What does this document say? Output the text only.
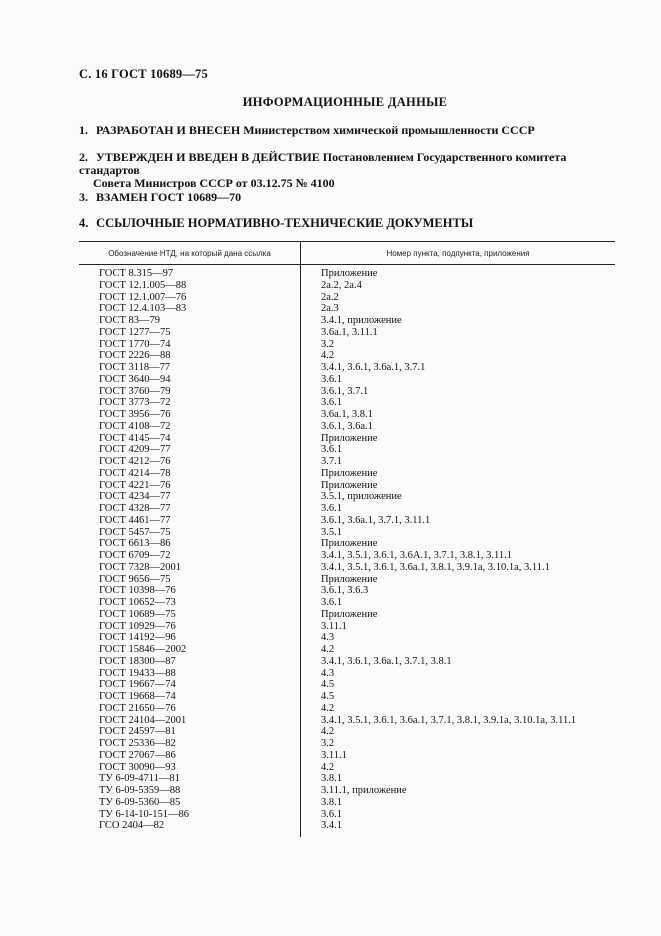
С. 16 ГОСТ 10689—75
ИНФОРМАЦИОННЫЕ ДАННЫЕ
1. РАЗРАБОТАН И ВНЕСЕН Министерством химической промышленности СССР
2. УТВЕРЖДЕН И ВВЕДЕН В ДЕЙСТВИЕ Постановлением Государственного комитета стандартов
Совета Министров СССР от 03.12.75 № 4100
3. ВЗАМЕН ГОСТ 10689—70
4. ССЫЛОЧНЫЕ НОРМАТИВНО-ТЕХНИЧЕСКИЕ ДОКУМЕНТЫ
Обозначение НТД, на который дана ссылка	Номер пункта, подпункта, приложения
ГОСТ 8.315—97	Приложение
ГОСТ 12.1.005—88	2а.2, 2а.4
ГОСТ 12.1.007—76	2а.2
ГОСТ 12.4.103—83	2а.3
ГОСТ 83—79	3.4.1, приложение
ГОСТ 1277—75	3.6а.1, 3.11.1
ГОСТ 1770—74	3.2
ГОСТ 2226—88	4.2
ГОСТ 3118—77	3.4.1, 3.6.1, 3.6а.1, 3.7.1
ГОСТ 3640—94	3.6.1
ГОСТ 3760—79	3.6.1, 3.7.1
ГОСТ 3773—72	3.6.1
ГОСТ 3956—76	3.6а.1, 3.8.1
ГОСТ 4108—72	3.6.1, 3.6а.1
ГОСТ 4145—74	Приложение
ГОСТ 4209—77	3.6.1
ГОСТ 4212—76	3.7.1
ГОСТ 4214—78	Приложение
ГОСТ 4221—76	Приложение
ГОСТ 4234—77	3.5.1, приложение
ГОСТ 4328—77	3.6.1
ГОСТ 4461—77	3.6.1, 3.6а.1, 3.7.1, 3.11.1
ГОСТ 5457—75	3.5.1
ГОСТ 6613—86	Приложение
ГОСТ 6709—72	3.4.1, 3.5.1, 3.6.1, 3.6А.1, 3.7.1, 3.8.1, 3.11.1
ГОСТ 7328—2001	3.4.1, 3.5.1, 3.6.1, 3.6а.1, 3.8.1, 3.9.1а, 3.10.1а, 3.11.1
ГОСТ 9656—75	Приложение
ГОСТ 10398—76	3.6.1, 3.6.3
ГОСТ 10652—73	3.6.1
ГОСТ 10689—75	Приложение
ГОСТ 10929—76	3.11.1
ГОСТ 14192—96	4.3
ГОСТ 15846—2002	4.2
ГОСТ 18300—87	3.4.1, 3.6.1, 3.6а.1, 3.7.1, 3.8.1
ГОСТ 19433—88	4.3
ГОСТ 19667—74	4.5
ГОСТ 19668—74	4.5
ГОСТ 21650—76	4.2
ГОСТ 24104—2001	3.4.1, 3.5.1, 3.6.1, 3.6а.1, 3.7.1, 3.8.1, 3.9.1а, 3.10.1а, 3.11.1
ГОСТ 24597—81	4.2
ГОСТ 25336—82	3.2
ГОСТ 27067—86	3.11.1
ГОСТ 30090—93	4.2
ТУ 6-09-4711—81	3.8.1
ТУ 6-09-5359—88	3.11.1, приложение
ТУ 6-09-5360—85	3.8.1
ТУ 6-14-10-151—86	3.6.1
ГСО 2404—82	3.4.1
